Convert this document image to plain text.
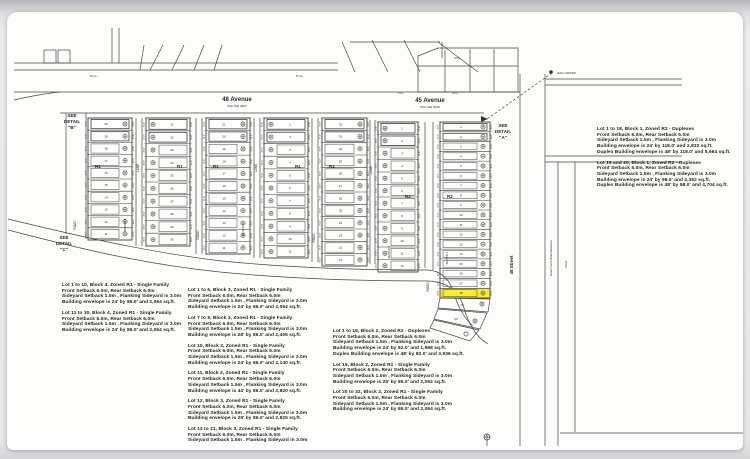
48 Avenue
Plan 002 2867
45 Avenue
Plan 002 2028
48 Street	Government Road Allowance	River
HIGH WATER
27A
P.U.L.	P.U.L.
P.U.L.	P.U.L.
SEE
DETAIL
"B"
SEE
DETAIL
"C"
SEE
DETAIL
"A"
20
35.07	35.07
19
35.07	35.07
18
35.07	35.07
17
35.07	35.07
16
35.07	35.07
15
35.07	35.07
14
35.07	35.07
13
35.07	35.07
12
35.07	35.07
11
35.07	35.07
R1
BLOCK 4
21
35.07	35.07
22
35.07	35.07
23
35.07	35.07
24
35.07	35.07
25
35.07	35.07
26
35.07	35.07
27
35.07	35.07
28
35.07	35.07
29
35.07	35.07
30
35.07	35.07
R1
21
35.07	35.07
20
35.07	35.07
19
35.07	35.07
18
35.07	35.07
17
35.07	35.07
16
35.07	35.07
15
35.07	35.07
14
35.07	35.07
13
35.07	35.07
12
35.07	35.07
11
35.07	35.07
R1
BLOCK 3
1
35.07	35.07
2
35.07	35.07
3
35.07	35.07
4
35.07	35.07
5
35.07	35.07
6
35.07	35.07
7
35.07	35.07
8
35.07	35.07
9
35.07	35.07
10
35.07	35.07
11
35.07	35.07
R1
32
35.07	35.07
31
35.07	35.07
30
35.07	35.07
29
35.07	35.07
28
35.07	35.07
27
35.07	35.07
26
35.07	35.07
25
35.07	35.07
24
35.07	35.07
23
35.07	35.07
22
35.07	35.07
21
35.07	35.07
R1
1
35.07	35.07
2
35.07	35.07
3
35.07	35.07
4
35.07	35.07
5
35.07	35.07
6
35.07	35.07
7
35.07	35.07
8
35.07	35.07
9
35.07	35.07
10
35.07	35.07
11
35.07	35.07
12
35.07	35.07
R2
BLOCK 2
1
35.07	35.07
2
35.07	35.07
3
35.07	35.07
4
35.07	35.07
5
35.07	35.07
6
35.07	35.07
7
35.07	35.07
8
35.07	35.07
9
35.07	35.07
10
35.07	35.07
11
35.07	35.07
12
35.07	35.07
13
35.07	35.07
14
35.07	35.07
15
35.07	35.07
16
35.07	35.07
17
35.07	35.07
18
35.07	35.07
R2
BLOCK 1
ROAD
LANE
ROAD
LANE
ROAD
LANE
ROAD
19
20
Lot 1 to 18, Block 1, Zoned R2 - Duplexes
Front Setback 6.0m, Rear Setback 6.0m
Sideyard Setback 1.5m , Flanking Sideyard is 3.0m
Building envelope is 24' by 118.0' and 2,832 sq.ft.
Duplex Building envelope is 48' by 118.0' and 5,664 sq.ft.
Lot 19 and 20, Block 1, Zoned R2 - Duplexes
Front Setback 6.0m, Rear Setback 6.0m
Sideyard Setback 1.5m , Flanking Sideyard is 3.0m
Building envelope is 24' by 98.0' and 2,352 sq.ft.
Duplex Building envelope is 48' by 98.0' and 4,704 sq.ft.
Lot 1 to 10, Block 4, Zoned R1 - Single Family
Front Setback 6.0m, Rear Setback 6.0m
Sideyard Setback 1.5m , Flanking Sideyard is 3.0m
Building envelope is 24' by 86.0' and 2,064 sq.ft.
Lot 11 to 30, Block 4, Zoned R1 - Single Family
Front Setback 6.0m, Rear Setback 6.0m
Sideyard Setback 1.5m , Flanking Sideyard is 3.0m
Building envelope is 24' by 86.0' and 2,064 sq.ft.
Lot 1 to 6, Block 3, Zoned R1 - Single Family
Front Setback 6.0m, Rear Setback 6.0m
Sideyard Setback 1.5m , Flanking Sideyard is 3.0m
Building envelope is 24' by 86.0' and 2,064 sq.ft.
Lot 7 to 9, Block 3, Zoned R1 - Single Family
Front Setback 6.0m, Rear Setback 6.0m
Sideyard Setback 1.5m , Flanking Sideyard is 3.0m
Building envelope is 28' by 86.0' and 2,405 sq.ft.
Lot 10, Block 3, Zoned R1 - Single Family
Front Setback 6.0m, Rear Setback 6.0m
Sideyard Setback 1.5m , Flanking Sideyard is 3.0m
Building envelope is 24' by 86.0' and 2,140 sq.ft.
Lot 11, Block 3, Zoned R1 - Single Family
Front Setback 6.0m, Rear Setback 6.0m
Sideyard Setback 1.5m , Flanking Sideyard is 3.0m
Building envelope is 44' by 86.0' and 2,820 sq.ft.
Lot 12, Block 3, Zoned R1 - Single Family
Front Setback 6.0m, Rear Setback 6.0m
Sideyard Setback 1.5m , Flanking Sideyard is 3.0m
Building envelope is 29' by 86.0' and 2,825 sq.ft.
Lot 13 to 21, Block 3, Zoned R1 - Single Family
Front Setback 6.0m, Rear Setback 6.0m
Sideyard Setback 1.5m . Flanking Sideyard in 3.0m
Lot 1 to 18, Block 2, Zoned R2 - Duplexes
Front Setback 6.0m, Rear Setback 6.0m
Sideyard Setback 1.5m , Flanking Sideyard is 3.0m
Building envelope is 24' by 82.0' and 1,968 sq.ft.
Duplex Building envelope is 48' by 82.0' and 3,936 sq.ft.
Lot 19, Block 2, Zoned R1 - Single Family
Front Setback 6.0m, Rear Setback 6.0m
Sideyard Setback 1.5m , Flanking Sideyard is 3.0m
Building envelope is 25' by 86.0' and 2,092 sq.ft.
Lot 20 to 32, Block 2, Zoned R1 - Single Family
Front Setback 6.0m, Rear Setback 6.0m
Sideyard Setback 1.5m , Flanking Sideyard is 3.0m
Building envelope is 24' by 86.0' and 2,064 sq.ft.
